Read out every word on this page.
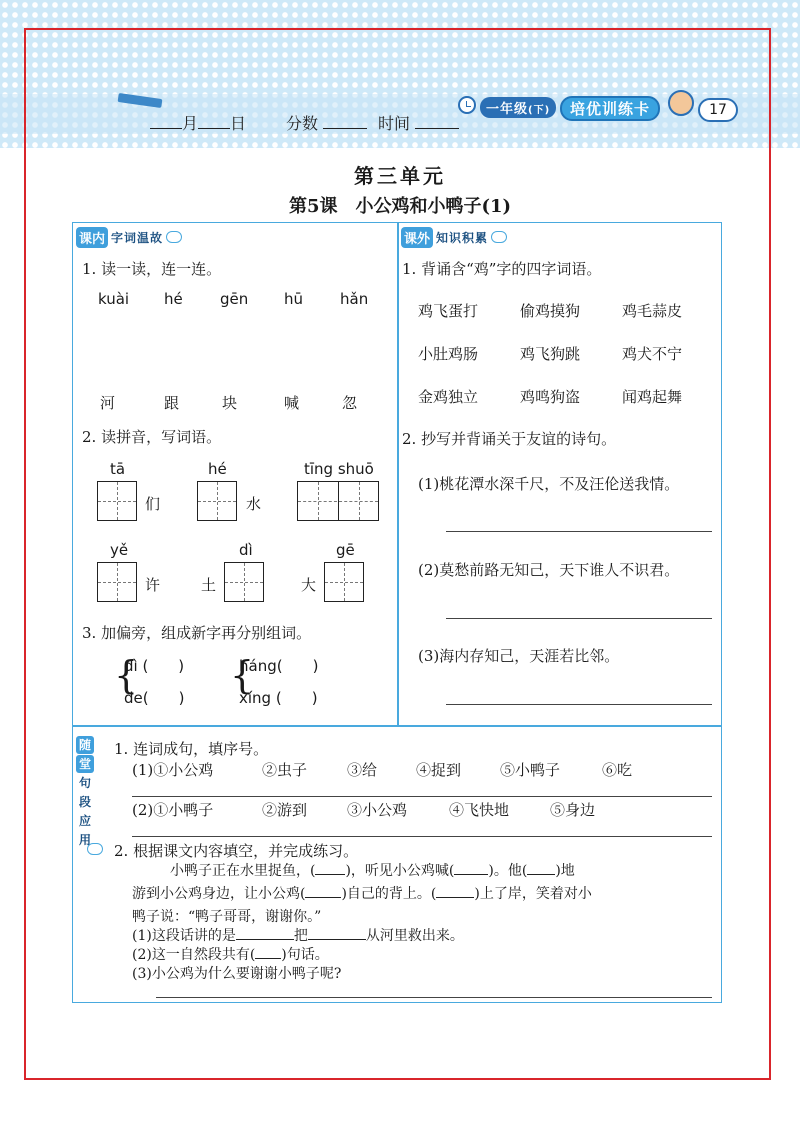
月 日 分数	时间
一年级(下)	培优训练卡	17
第三单元
第5课　小公鸡和小鸭子(1)
课内 字词温故
1. 读一读，连一连。
kuài hé gēn hū hǎn
河	跟	块	喊	忽
2. 读拼音，写词语。
tā
们
hé
水
tīng shuō
yě
许	土
dì
大
gē
3. 加偏旁，组成新字再分别组词。
{
dì (　　)
de(　　)
{
háng(　　)
xíng (　　)
课外 知识积累
1. 背诵含“鸡”字的四字词语。
鸡飞蛋打	偷鸡摸狗	鸡毛蒜皮
小肚鸡肠	鸡飞狗跳	鸡犬不宁
金鸡独立	鸡鸣狗盗	闻鸡起舞
2. 抄写并背诵关于友谊的诗句。
(1)桃花潭水深千尺，不及汪伦送我情。
(2)莫愁前路无知己，天下谁人不识君。
(3)海内存知己，天涯若比邻。
随
堂
句
段
应
用
1. 连词成句，填序号。
(1)①小公鸡	②虫子	③给	④捉到	⑤小鸭子	⑥吃
(2)①小鸭子	②游到	③小公鸡	④飞快地	⑤身边
2. 根据课文内容填空，并完成练习。
小鸭子正在水里捉鱼，( )，听见小公鸡喊( )。他( )地
游到小公鸡身边，让小公鸡(	)自己的背上。(	)上了岸，笑着对小
鸭子说：“鸭子哥哥，谢谢你。”
(1)这段话讲的是	把	从河里救出来。
(2)这一自然段共有( )句话。
(3)小公鸡为什么要谢谢小鸭子呢?
